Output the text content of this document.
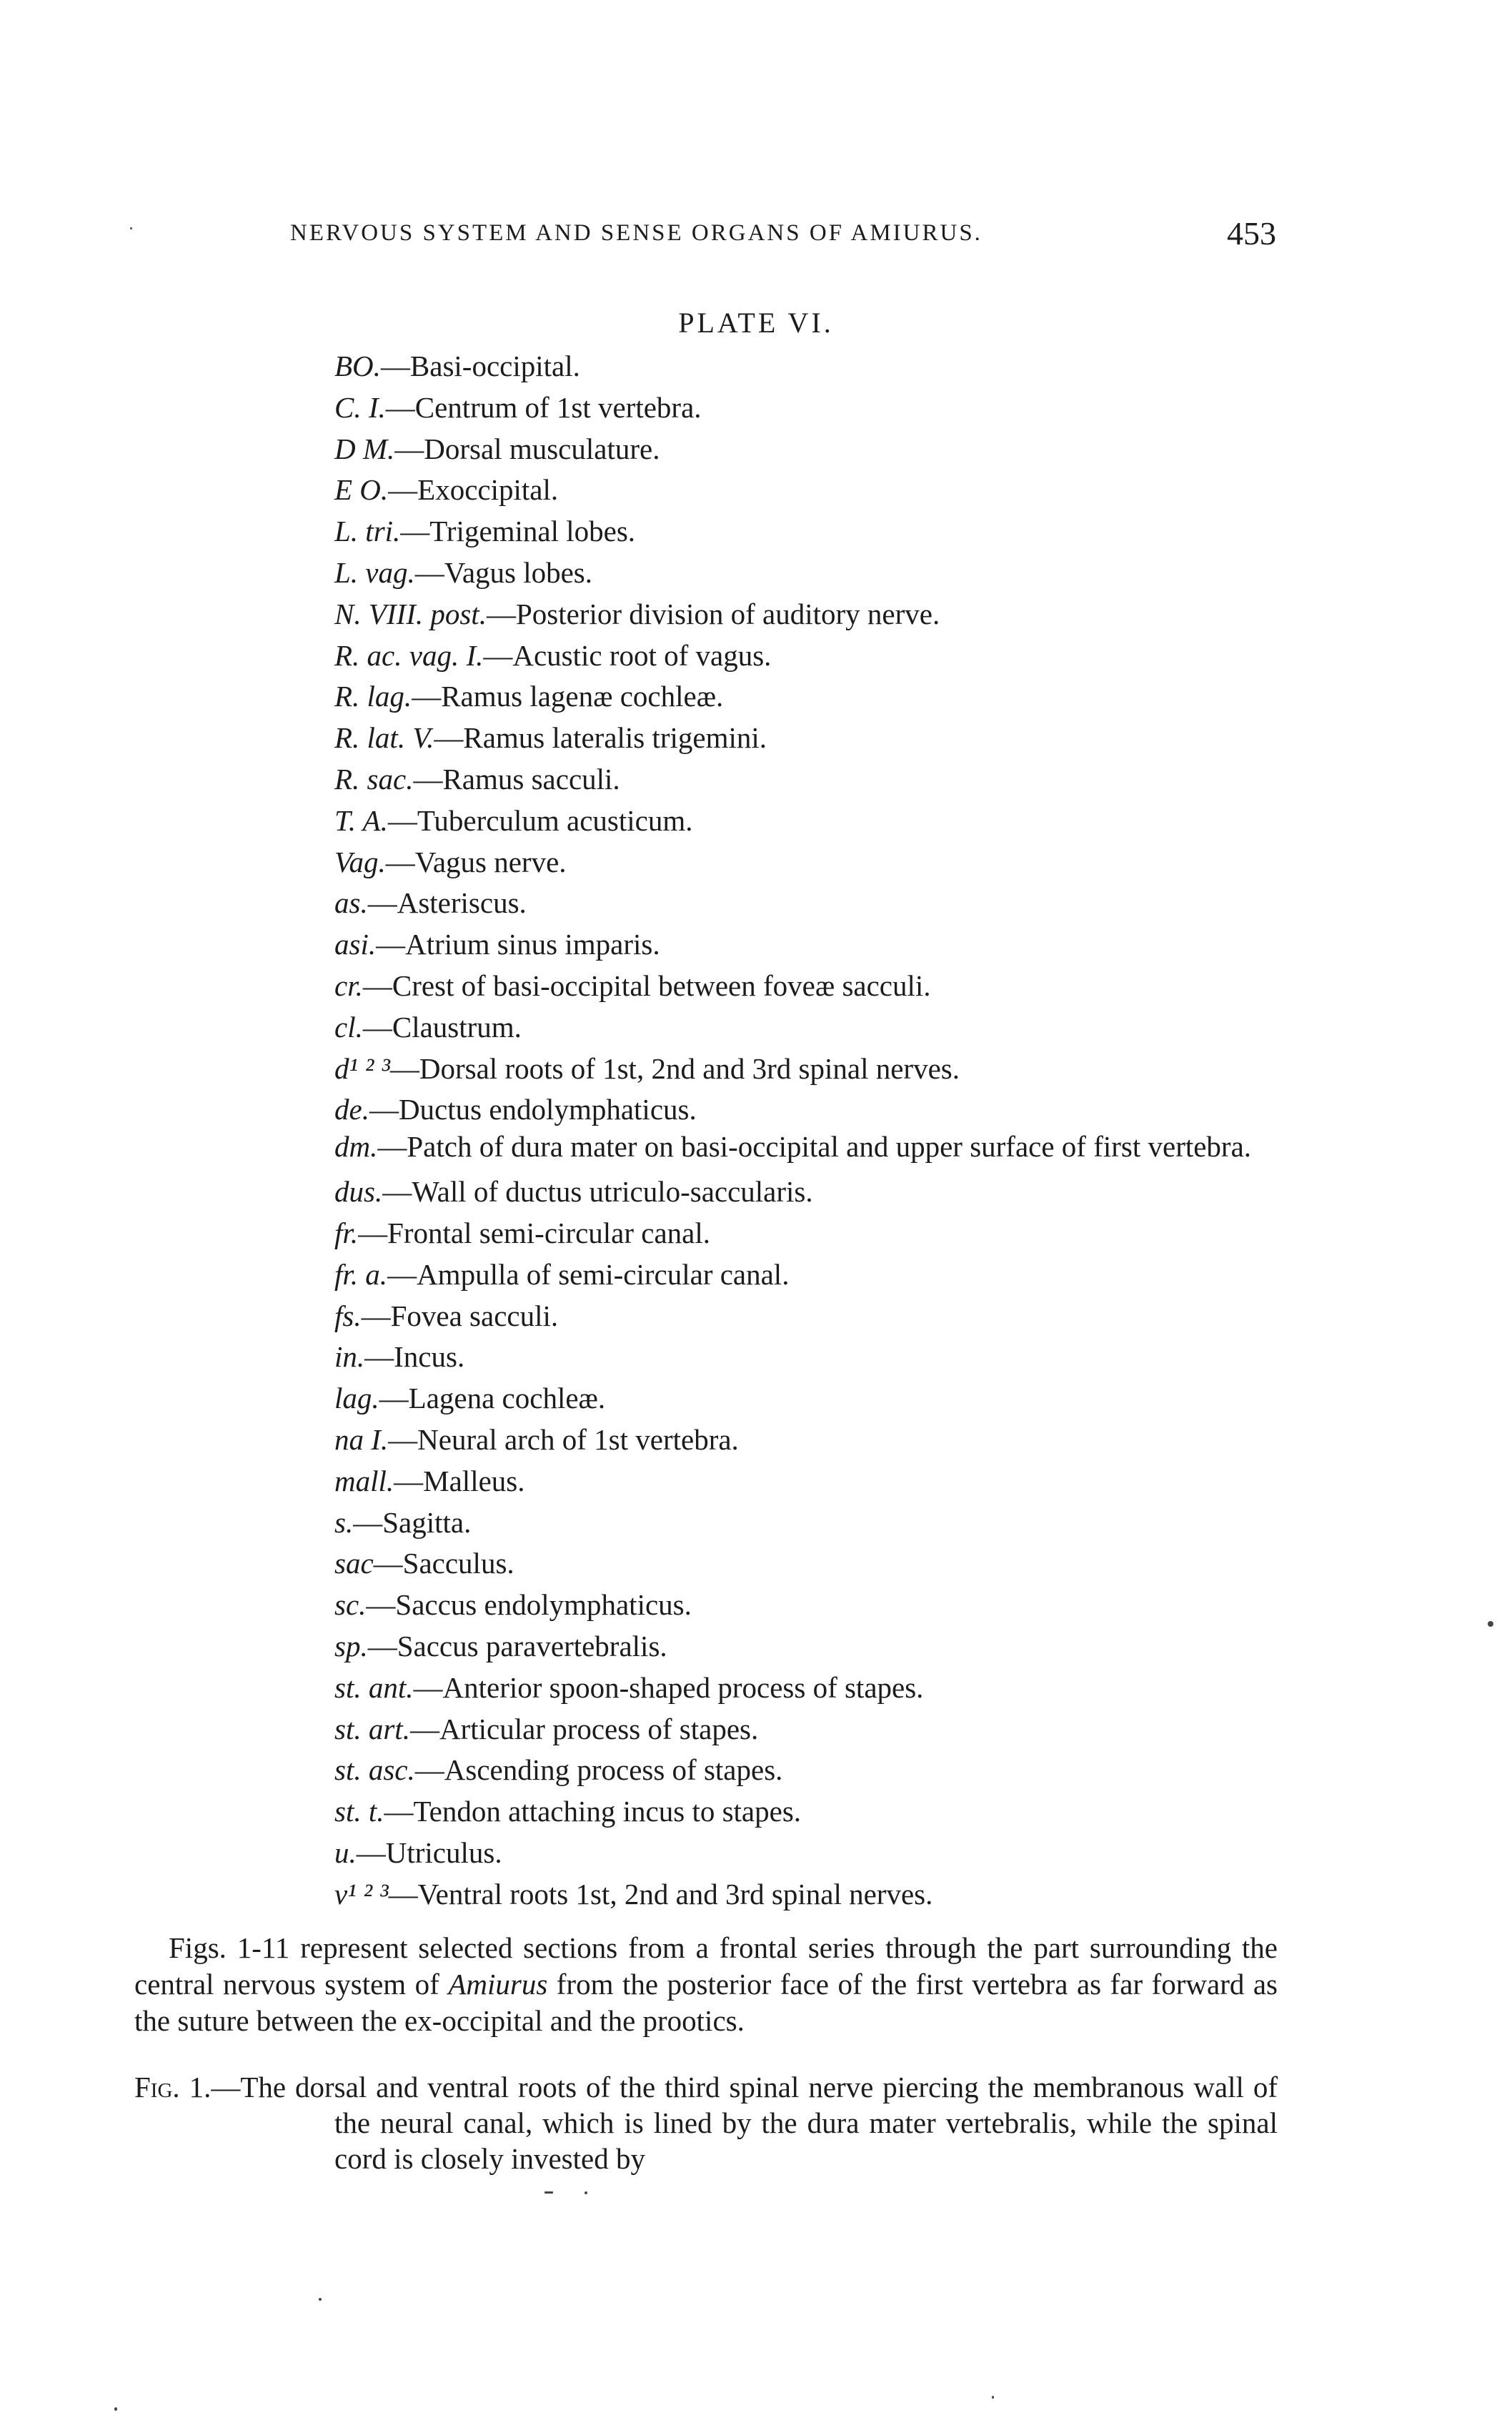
NERVOUS SYSTEM AND SENSE ORGANS OF AMIURUS.	453
PLATE VI.
BO.—Basi-occipital.
C. I.—Centrum of 1st vertebra.
D M.—Dorsal musculature.
E O.—Exoccipital.
L. tri.—Trigeminal lobes.
L. vag.—Vagus lobes.
N. VIII. post.—Posterior division of auditory nerve.
R. ac. vag. I.—Acustic root of vagus.
R. lag.—Ramus lagenæ cochleæ.
R. lat. V.—Ramus lateralis trigemini.
R. sac.—Ramus sacculi.
T. A.—Tuberculum acusticum.
Vag.—Vagus nerve.
as.—Asteriscus.
asi.—Atrium sinus imparis.
cr.—Crest of basi-occipital between foveæ sacculi.
cl.—Claustrum.
d¹ ² ³—Dorsal roots of 1st, 2nd and 3rd spinal nerves.
de.—Ductus endolymphaticus.
dm.—Patch of dura mater on basi-occipital and upper surface of first vertebra.
dus.—Wall of ductus utriculo-saccularis.
fr.—Frontal semi-circular canal.
fr. a.—Ampulla of semi-circular canal.
fs.—Fovea sacculi.
in.—Incus.
lag.—Lagena cochleæ.
na I.—Neural arch of 1st vertebra.
mall.—Malleus.
s.—Sagitta.
sac—Sacculus.
sc.—Saccus endolymphaticus.
sp.—Saccus paravertebralis.
st. ant.—Anterior spoon-shaped process of stapes.
st. art.—Articular process of stapes.
st. asc.—Ascending process of stapes.
st. t.—Tendon attaching incus to stapes.
u.—Utriculus.
v¹ ² ³—Ventral roots 1st, 2nd and 3rd spinal nerves.

Figs. 1-11 represent selected sections from a frontal series through the part surrounding the central nervous system of Amiurus from the posterior face of the first vertebra as far forward as the suture between the ex-occipital and the prootics.

Fig. 1.—The dorsal and ventral roots of the third spinal nerve piercing the membranous wall of the neural canal, which is lined by the dura mater vertebralis, while the spinal cord is closely invested by
